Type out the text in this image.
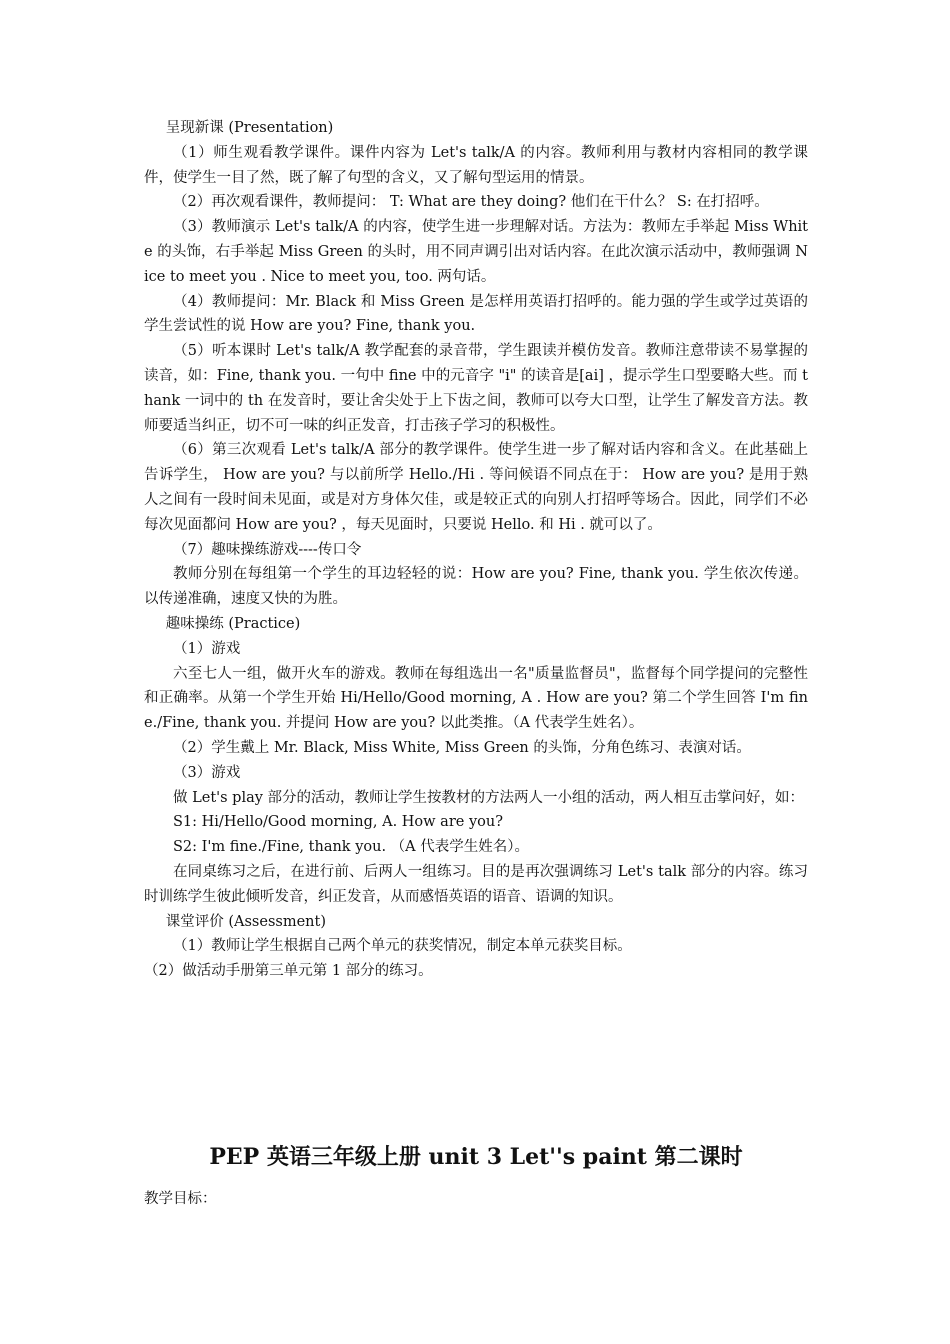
呈现新课 (Presentation)

（1）师生观看教学课件。课件内容为 Let's talk/A 的内容。教师利用与教材内容相同的教学课件，使学生一目了然，既了解了句型的含义，又了解句型运用的情景。

（2）再次观看课件，教师提问： T: What are they doing? 他们在干什么？ S: 在打招呼。

（3）教师演示 Let's talk/A 的内容，使学生进一步理解对话。方法为：教师左手举起 Miss White 的头饰，右手举起 Miss Green 的头时，用不同声调引出对话内容。在此次演示活动中，教师强调 Nice to meet you . Nice to meet you, too. 两句话。

（4）教师提问：Mr. Black 和 Miss Green 是怎样用英语打招呼的。能力强的学生或学过英语的学生尝试性的说 How are you? Fine, thank you.

（5）听本课时 Let's talk/A 教学配套的录音带，学生跟读并模仿发音。教师注意带读不易掌握的读音，如：Fine, thank you. 一句中 fine 中的元音字 "i" 的读音是[ai] ，提示学生口型要略大些。而 thank 一词中的 th 在发音时，要让舍尖处于上下齿之间，教师可以夸大口型，让学生了解发音方法。教师要适当纠正，切不可一味的纠正发音，打击孩子学习的积极性。

（6）第三次观看 Let's talk/A 部分的教学课件。使学生进一步了解对话内容和含义。在此基础上告诉学生， How are you? 与以前所学 Hello./Hi . 等问候语不同点在于： How are you? 是用于熟人之间有一段时间未见面，或是对方身体欠佳，或是较正式的向别人打招呼等场合。因此，同学们不必每次见面都问 How are you? ，每天见面时，只要说 Hello. 和 Hi . 就可以了。

（7）趣味操练游戏----传口令

教师分别在每组第一个学生的耳边轻轻的说：How are you? Fine, thank you. 学生依次传递。以传递准确，速度又快的为胜。

趣味操练 (Practice)

（1）游戏

六至七人一组，做开火车的游戏。教师在每组选出一名"质量监督员"，监督每个同学提问的完整性和正确率。从第一个学生开始 Hi/Hello/Good morning, A . How are you? 第二个学生回答 I'm fine./Fine, thank you. 并提问 How are you? 以此类推。（A 代表学生姓名）。

（2）学生戴上 Mr. Black, Miss White, Miss Green 的头饰，分角色练习、表演对话。

（3）游戏

做 Let's play 部分的活动，教师让学生按教材的方法两人一小组的活动，两人相互击掌问好，如：

S1: Hi/Hello/Good morning, A. How are you?

S2: I'm fine./Fine, thank you. （A 代表学生姓名）。

在同桌练习之后，在进行前、后两人一组练习。目的是再次强调练习 Let's talk 部分的内容。练习时训练学生彼此倾听发音，纠正发音，从而感悟英语的语音、语调的知识。

课堂评价 (Assessment)

（1）教师让学生根据自己两个单元的获奖情况，制定本单元获奖目标。

（2）做活动手册第三单元第 1 部分的练习。

PEP 英语三年级上册 unit 3 Let''s paint 第二课时
教学目标：
